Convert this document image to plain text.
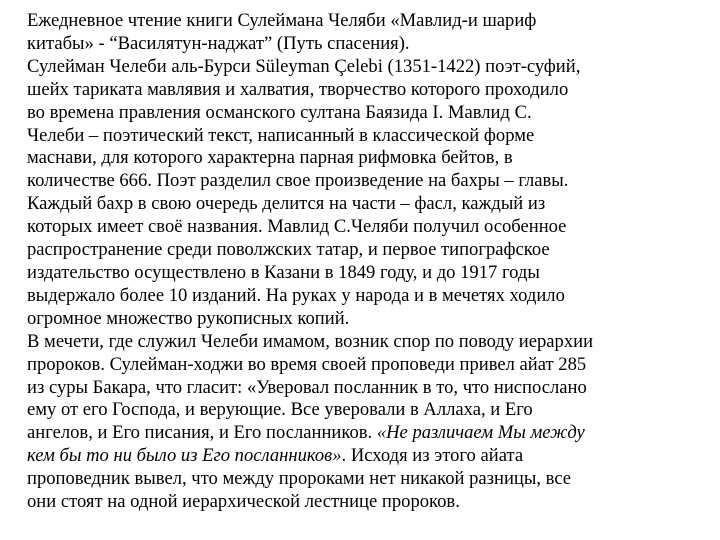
Ежедневное чтение книги Сулеймана Челяби «Мавлид-и шариф
китабы» - “Василятун-наджат” (Путь спасения).

Сулейман Челеби аль-Бурси Süleyman Çelebi (1351-1422) поэт-суфий,
шейх тариката мавлявия и халватия, творчество которого проходило
во времена правления османского султана Баязида I. Мавлид С.
Челеби – поэтический текст, написанный в классической форме
маснави, для которого характерна парная рифмовка бейтов, в
количестве 666. Поэт разделил свое произведение на бахры – главы.
Каждый бахр в свою очередь делится на части – фасл, каждый из
которых имеет своё названия. Мавлид С.Челяби получил особенное
распространение среди поволжских татар, и первое типографское
издательство осуществлено в Казани в 1849 году, и до 1917 годы
выдержало более 10 изданий. На руках у народа и в мечетях ходило
огромное множество рукописных копий.

В мечети, где служил Челеби имамом, возник спор по поводу иерархии
пророков. Сулейман-ходжи во время своей проповеди привел айат 285
из суры Бакара, что гласит: «Уверовал посланник в то, что ниспослано
ему от его Господа, и верующие. Все уверовали в Аллаха, и Его
ангелов, и Его писания, и Его посланников. «Не различаем Мы между
кем бы то ни было из Его посланников». Исходя из этого айата
проповедник вывел, что между пророками нет никакой разницы, все
они стоят на одной иерархической лестнице пророков.
